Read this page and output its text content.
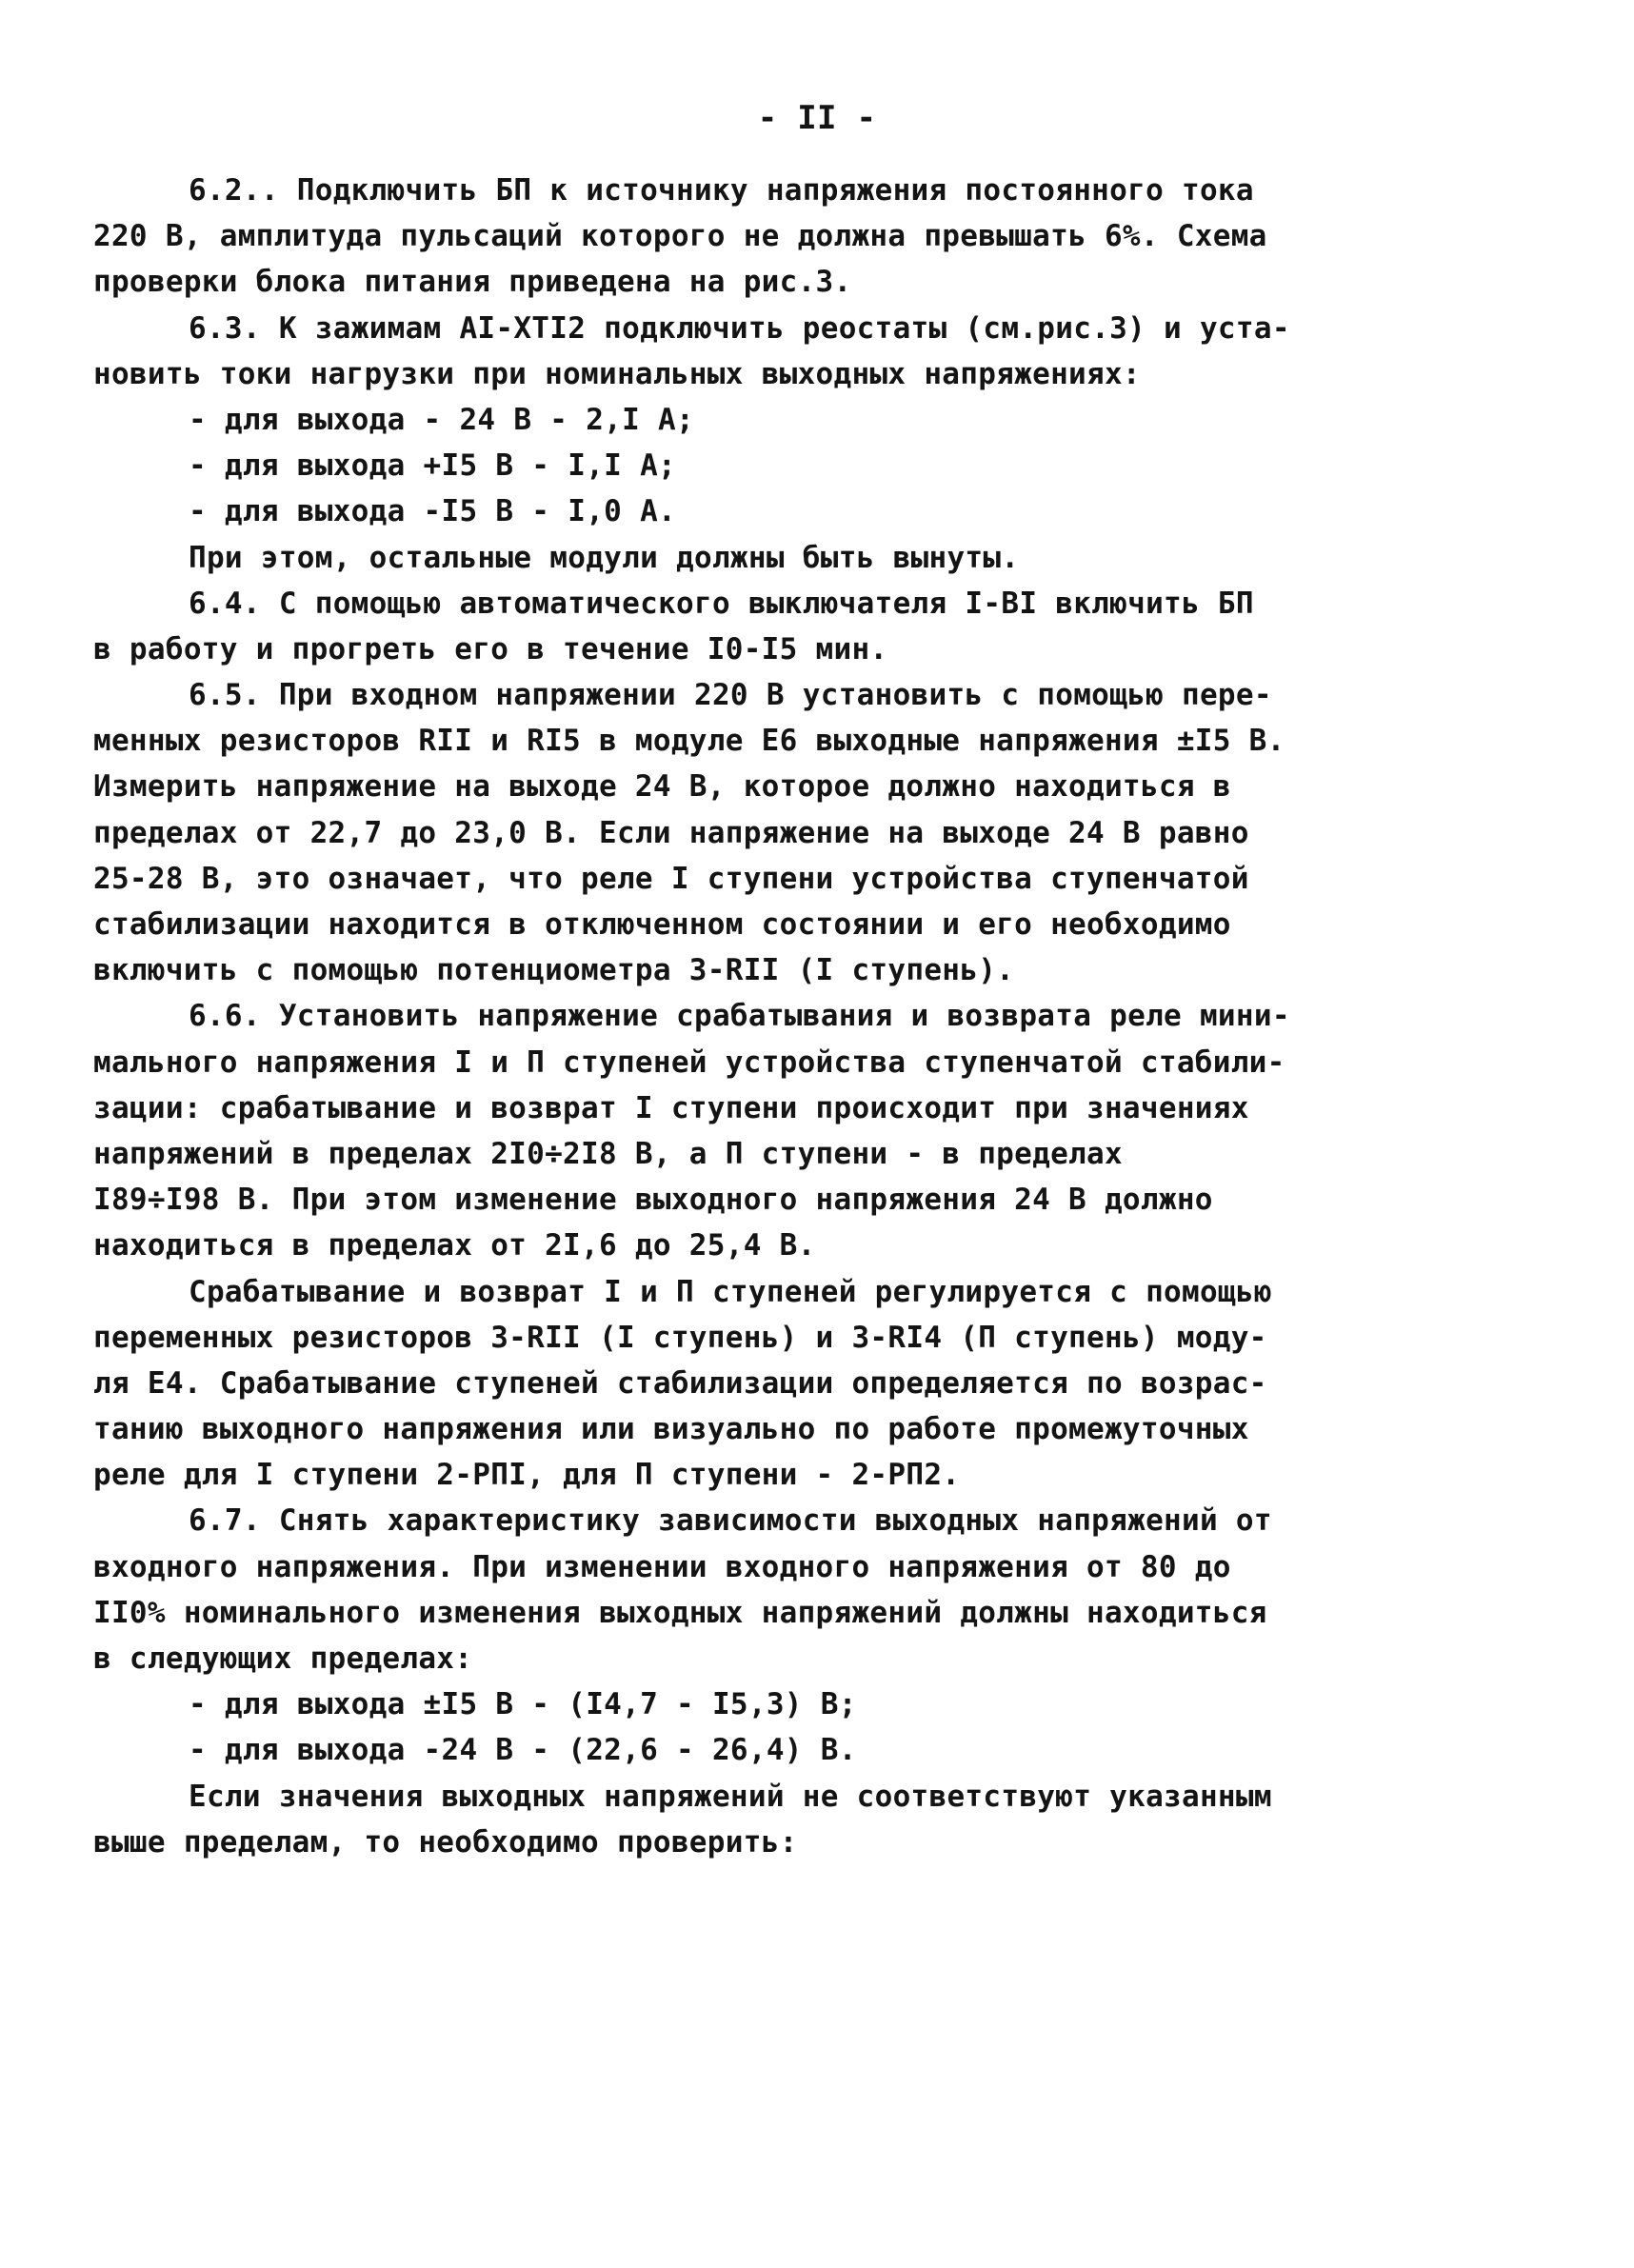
- II -
6.2.. Подключить БП к источнику напряжения постоянного тока
220 В, амплитуда пульсаций которого не должна превышать 6%. Схема
проверки блока питания приведена на рис.3.
6.3. К зажимам АI-ХТI2 подключить реостаты (см.рис.3) и уста-
новить токи нагрузки при номинальных выходных напряжениях:
- для выхода - 24 В - 2,I А;
- для выхода +I5 В - I,I А;
- для выхода -I5 В - I,0 А.
При этом, остальные модули должны быть вынуты.
6.4. С помощью автоматического выключателя I-ВI включить БП
в работу и прогреть его в течение I0-I5 мин.
6.5. При входном напряжении 220 В установить с помощью пере-
менных резисторов RII и RI5 в модуле Е6 выходные напряжения ±I5 В.
Измерить напряжение на выходе 24 В, которое должно находиться в
пределах от 22,7 до 23,0 В. Если напряжение на выходе 24 В равно
25-28 В, это означает, что реле I ступени устройства ступенчатой
стабилизации находится в отключенном состоянии и его необходимо
включить с помощью потенциометра 3-RII (I ступень).
6.6. Установить напряжение срабатывания и возврата реле мини-
мального напряжения I и П ступеней устройства ступенчатой стабили-
зации: срабатывание и возврат I ступени происходит при значениях
напряжений в пределах 2I0÷2I8 В, а П ступени - в пределах
I89÷I98 В. При этом изменение выходного напряжения 24 В должно
находиться в пределах от 2I,6 до 25,4 В.
Срабатывание и возврат I и П ступеней регулируется с помощью
переменных резисторов 3-RII (I ступень) и 3-RI4 (П ступень) моду-
ля Е4. Срабатывание ступеней стабилизации определяется по возрас-
танию выходного напряжения или визуально по работе промежуточных
реле для I ступени 2-РПI, для П ступени - 2-РП2.
6.7. Снять характеристику зависимости выходных напряжений от
входного напряжения. При изменении входного напряжения от 80 до
II0% номинального изменения выходных напряжений должны находиться
в следующих пределах:
- для выхода ±I5 В - (I4,7 - I5,3) В;
- для выхода -24 В - (22,6 - 26,4) В.
Если значения выходных напряжений не соответствуют указанным
выше пределам, то необходимо проверить:
